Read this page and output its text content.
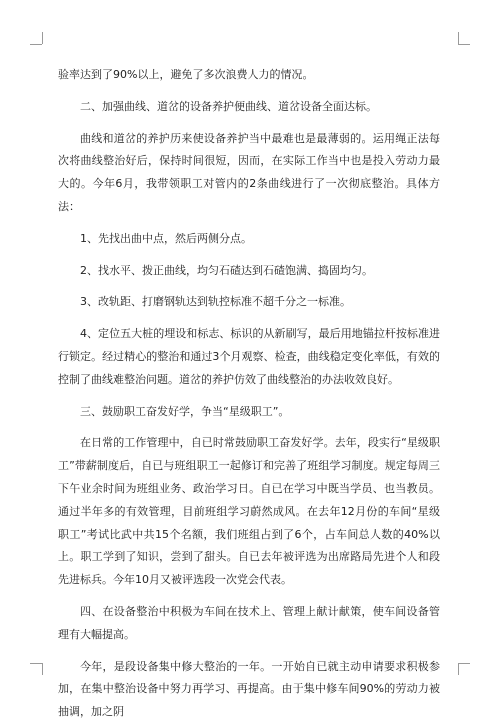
验率达到了90%以上，避免了多次浪费人力的情况。

二、加强曲线、道岔的设备养护便曲线、道岔设备全面达标。

曲线和道岔的养护历来使设备养护当中最难也是最薄弱的。运用绳正法每次将曲线整治好后，保持时间很短，因而，在实际工作当中也是投入劳动力最大的。今年6月，我带领职工对管内的2条曲线进行了一次彻底整治。具体方法：

1、先找出曲中点，然后两侧分点。

2、找水平、拨正曲线，均匀石碴达到石碴饱满、捣固均匀。

3、改轨距、打磨钢轨达到轨控标准不超千分之一标准。

4、定位五大桩的埋设和标志、标识的从新刷写，最后用地锚拉杆按标准进行锁定。经过精心的整治和通过3个月观察、检查，曲线稳定变化率低，有效的控制了曲线难整治问题。道岔的养护仿效了曲线整治的办法收效良好。

三、鼓励职工奋发好学，争当“星级职工”。

在日常的工作管理中，自已时常鼓励职工奋发好学。去年，段实行“星级职工”带薪制度后，自已与班组职工一起修订和完善了班组学习制度。规定每周三下午业余时间为班组业务、政治学习日。自已在学习中既当学员、也当教员。通过半年多的有效管理，目前班组学习蔚然成风。在去年12月份的车间“星级职工”考试比武中共15个名额，我们班组占到了6个，占车间总人数的40%以上。职工学到了知识，尝到了甜头。自已去年被评选为出席路局先进个人和段先进标兵。今年10月又被评选段一次党会代表。

四、在设备整治中积极为车间在技术上、管理上献计献策，使车间设备管理有大幅提高。

今年，是段设备集中修大整治的一年。一开始自已就主动申请要求积极参加，在集中整治设备中努力再学习、再提高。由于集中修车间90%的劳动力被抽调，加之阴
